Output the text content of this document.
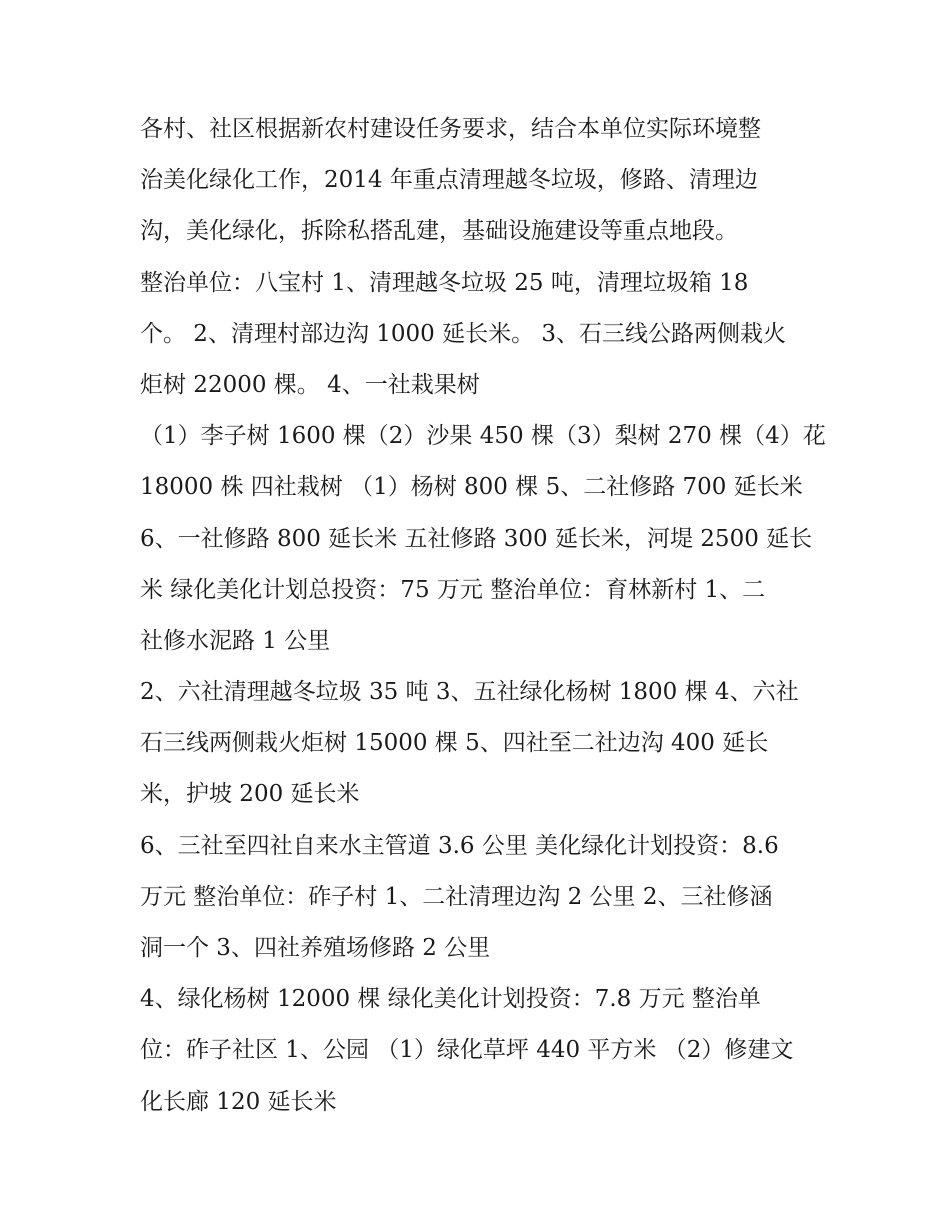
各村、社区根据新农村建设任务要求，结合本单位实际环境整
治美化绿化工作，2014 年重点清理越冬垃圾，修路、清理边
沟，美化绿化，拆除私搭乱建，基础设施建设等重点地段。
整治单位：八宝村 1、清理越冬垃圾 25 吨，清理垃圾箱 18
个。 2、清理村部边沟 1000 延长米。 3、石三线公路两侧栽火
炬树 22000 棵。 4、一社栽果树
（1）李子树 1600 棵（2）沙果 450 棵（3）梨树 270 棵（4）花
18000 株 四社栽树 （1）杨树 800 棵 5、二社修路 700 延长米
6、一社修路 800 延长米 五社修路 300 延长米，河堤 2500 延长
米 绿化美化计划总投资：75 万元 整治单位：育林新村 1、二
社修水泥路 1 公里
2、六社清理越冬垃圾 35 吨 3、五社绿化杨树 1800 棵 4、六社
石三线两侧栽火炬树 15000 棵 5、四社至二社边沟 400 延长
米，护坡 200 延长米
6、三社至四社自来水主管道 3.6 公里 美化绿化计划投资：8.6
万元 整治单位：砟子村 1、二社清理边沟 2 公里 2、三社修涵
洞一个 3、四社养殖场修路 2 公里
4、绿化杨树 12000 棵 绿化美化计划投资：7.8 万元 整治单
位：砟子社区 1、公园 （1）绿化草坪 440 平方米 （2）修建文
化长廊 120 延长米
